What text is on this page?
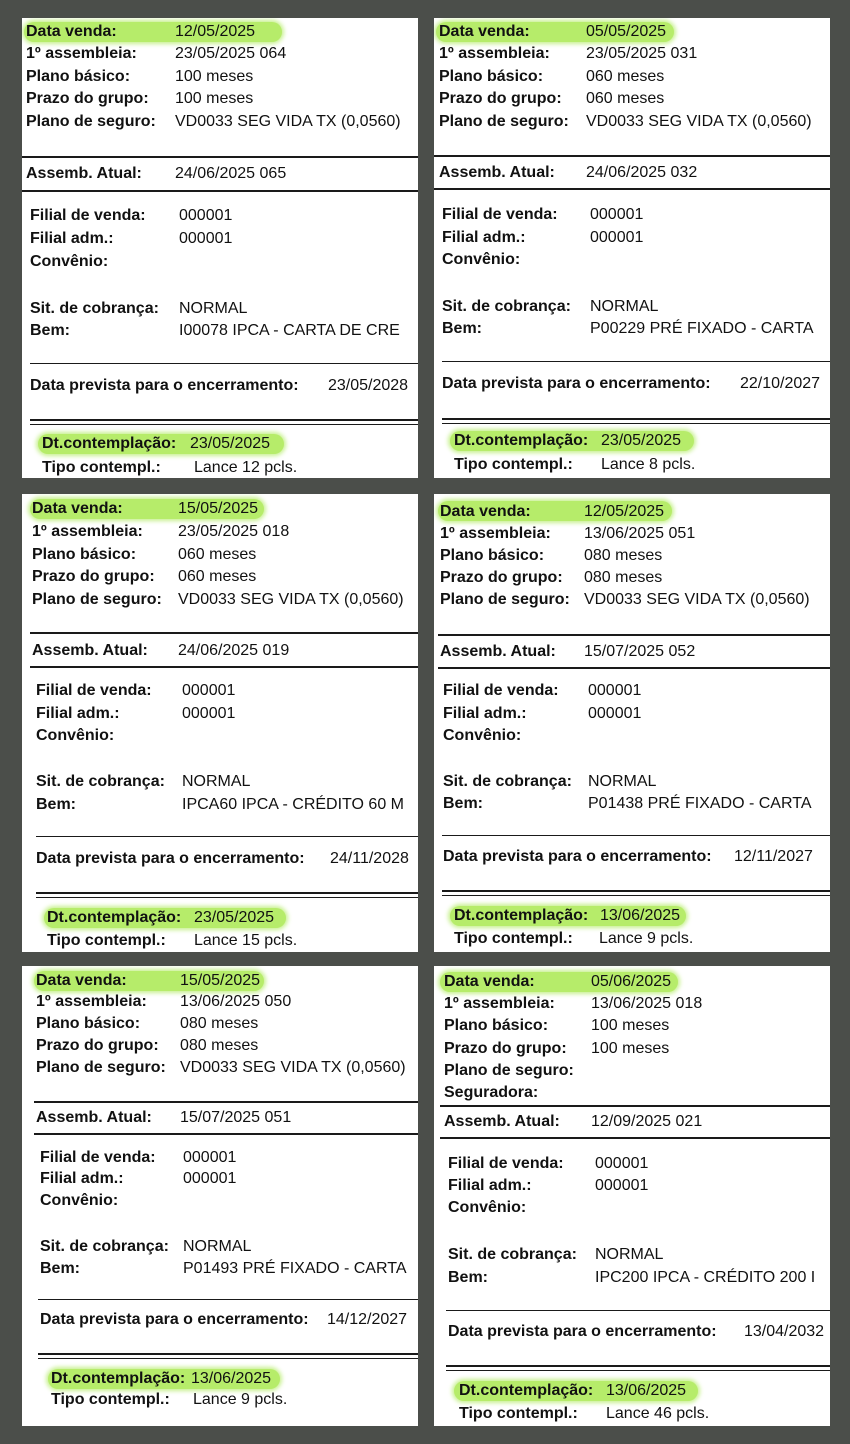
Data venda:	12/05/2025
1º assembleia: 23/05/2025 064
Plano básico:	100 meses
Prazo do grupo: 100 meses
Plano de seguro: VD0033 SEG VIDA TX (0,0560)
Assemb. Atual: 24/06/2025 065
Filial de venda: 000001
Filial adm.:	000001
Convênio:
Sit. de cobrança: NORMAL
Bem:	I00078 IPCA - CARTA DE CRE
Data prevista para o encerramento: 23/05/2028
Dt.contemplação: 23/05/2025
Tipo contempl.: Lance 12 pcls.
Data venda:	05/05/2025
1º assembleia: 23/05/2025 031
Plano básico:	060 meses
Prazo do grupo: 060 meses
Plano de seguro: VD0033 SEG VIDA TX (0,0560)
Assemb. Atual: 24/06/2025 032
Filial de venda: 000001
Filial adm.:	000001
Convênio:
Sit. de cobrança: NORMAL
Bem:	P00229 PRÉ FIXADO - CARTA
Data prevista para o encerramento: 22/10/2027
Dt.contemplação: 23/05/2025
Tipo contempl.: Lance 8 pcls.
Data venda:	15/05/2025
1º assembleia: 23/05/2025 018
Plano básico:	060 meses
Prazo do grupo: 060 meses
Plano de seguro: VD0033 SEG VIDA TX (0,0560)
Assemb. Atual: 24/06/2025 019
Filial de venda: 000001
Filial adm.:	000001
Convênio:
Sit. de cobrança: NORMAL
Bem:	IPCA60 IPCA - CRÉDITO 60 M
Data prevista para o encerramento: 24/11/2028
Dt.contemplação: 23/05/2025
Tipo contempl.: Lance 15 pcls.
Data venda:	12/05/2025
1º assembleia: 13/06/2025 051
Plano básico: 080 meses
Prazo do grupo: 080 meses
Plano de seguro: VD0033 SEG VIDA TX (0,0560)
Assemb. Atual: 15/07/2025 052
Filial de venda: 000001
Filial adm.:	000001
Convênio:
Sit. de cobrança: NORMAL
Bem:	P01438 PRÉ FIXADO - CARTA
Data prevista para o encerramento: 12/11/2027
Dt.contemplação: 13/06/2025
Tipo contempl.: Lance 9 pcls.
Data venda:	15/05/2025
1º assembleia: 13/06/2025 050
Plano básico: 080 meses
Prazo do grupo: 080 meses
Plano de seguro: VD0033 SEG VIDA TX (0,0560)
Assemb. Atual: 15/07/2025 051
Filial de venda: 000001
Filial adm.:	000001
Convênio:
Sit. de cobrança: NORMAL
Bem:	P01493 PRÉ FIXADO - CARTA
Data prevista para o encerramento: 14/12/2027
Dt.contemplação: 13/06/2025
Tipo contempl.: Lance 9 pcls.
Data venda:	05/06/2025
1º assembleia: 13/06/2025 018
Plano básico:	100 meses
Prazo do grupo: 100 meses
Plano de seguro:
Seguradora:
Assemb. Atual: 12/09/2025 021
Filial de venda: 000001
Filial adm.:	000001
Convênio:
Sit. de cobrança: NORMAL
Bem:	IPC200 IPCA - CRÉDITO 200 I
Data prevista para o encerramento: 13/04/2032
Dt.contemplação: 13/06/2025
Tipo contempl.: Lance 46 pcls.
